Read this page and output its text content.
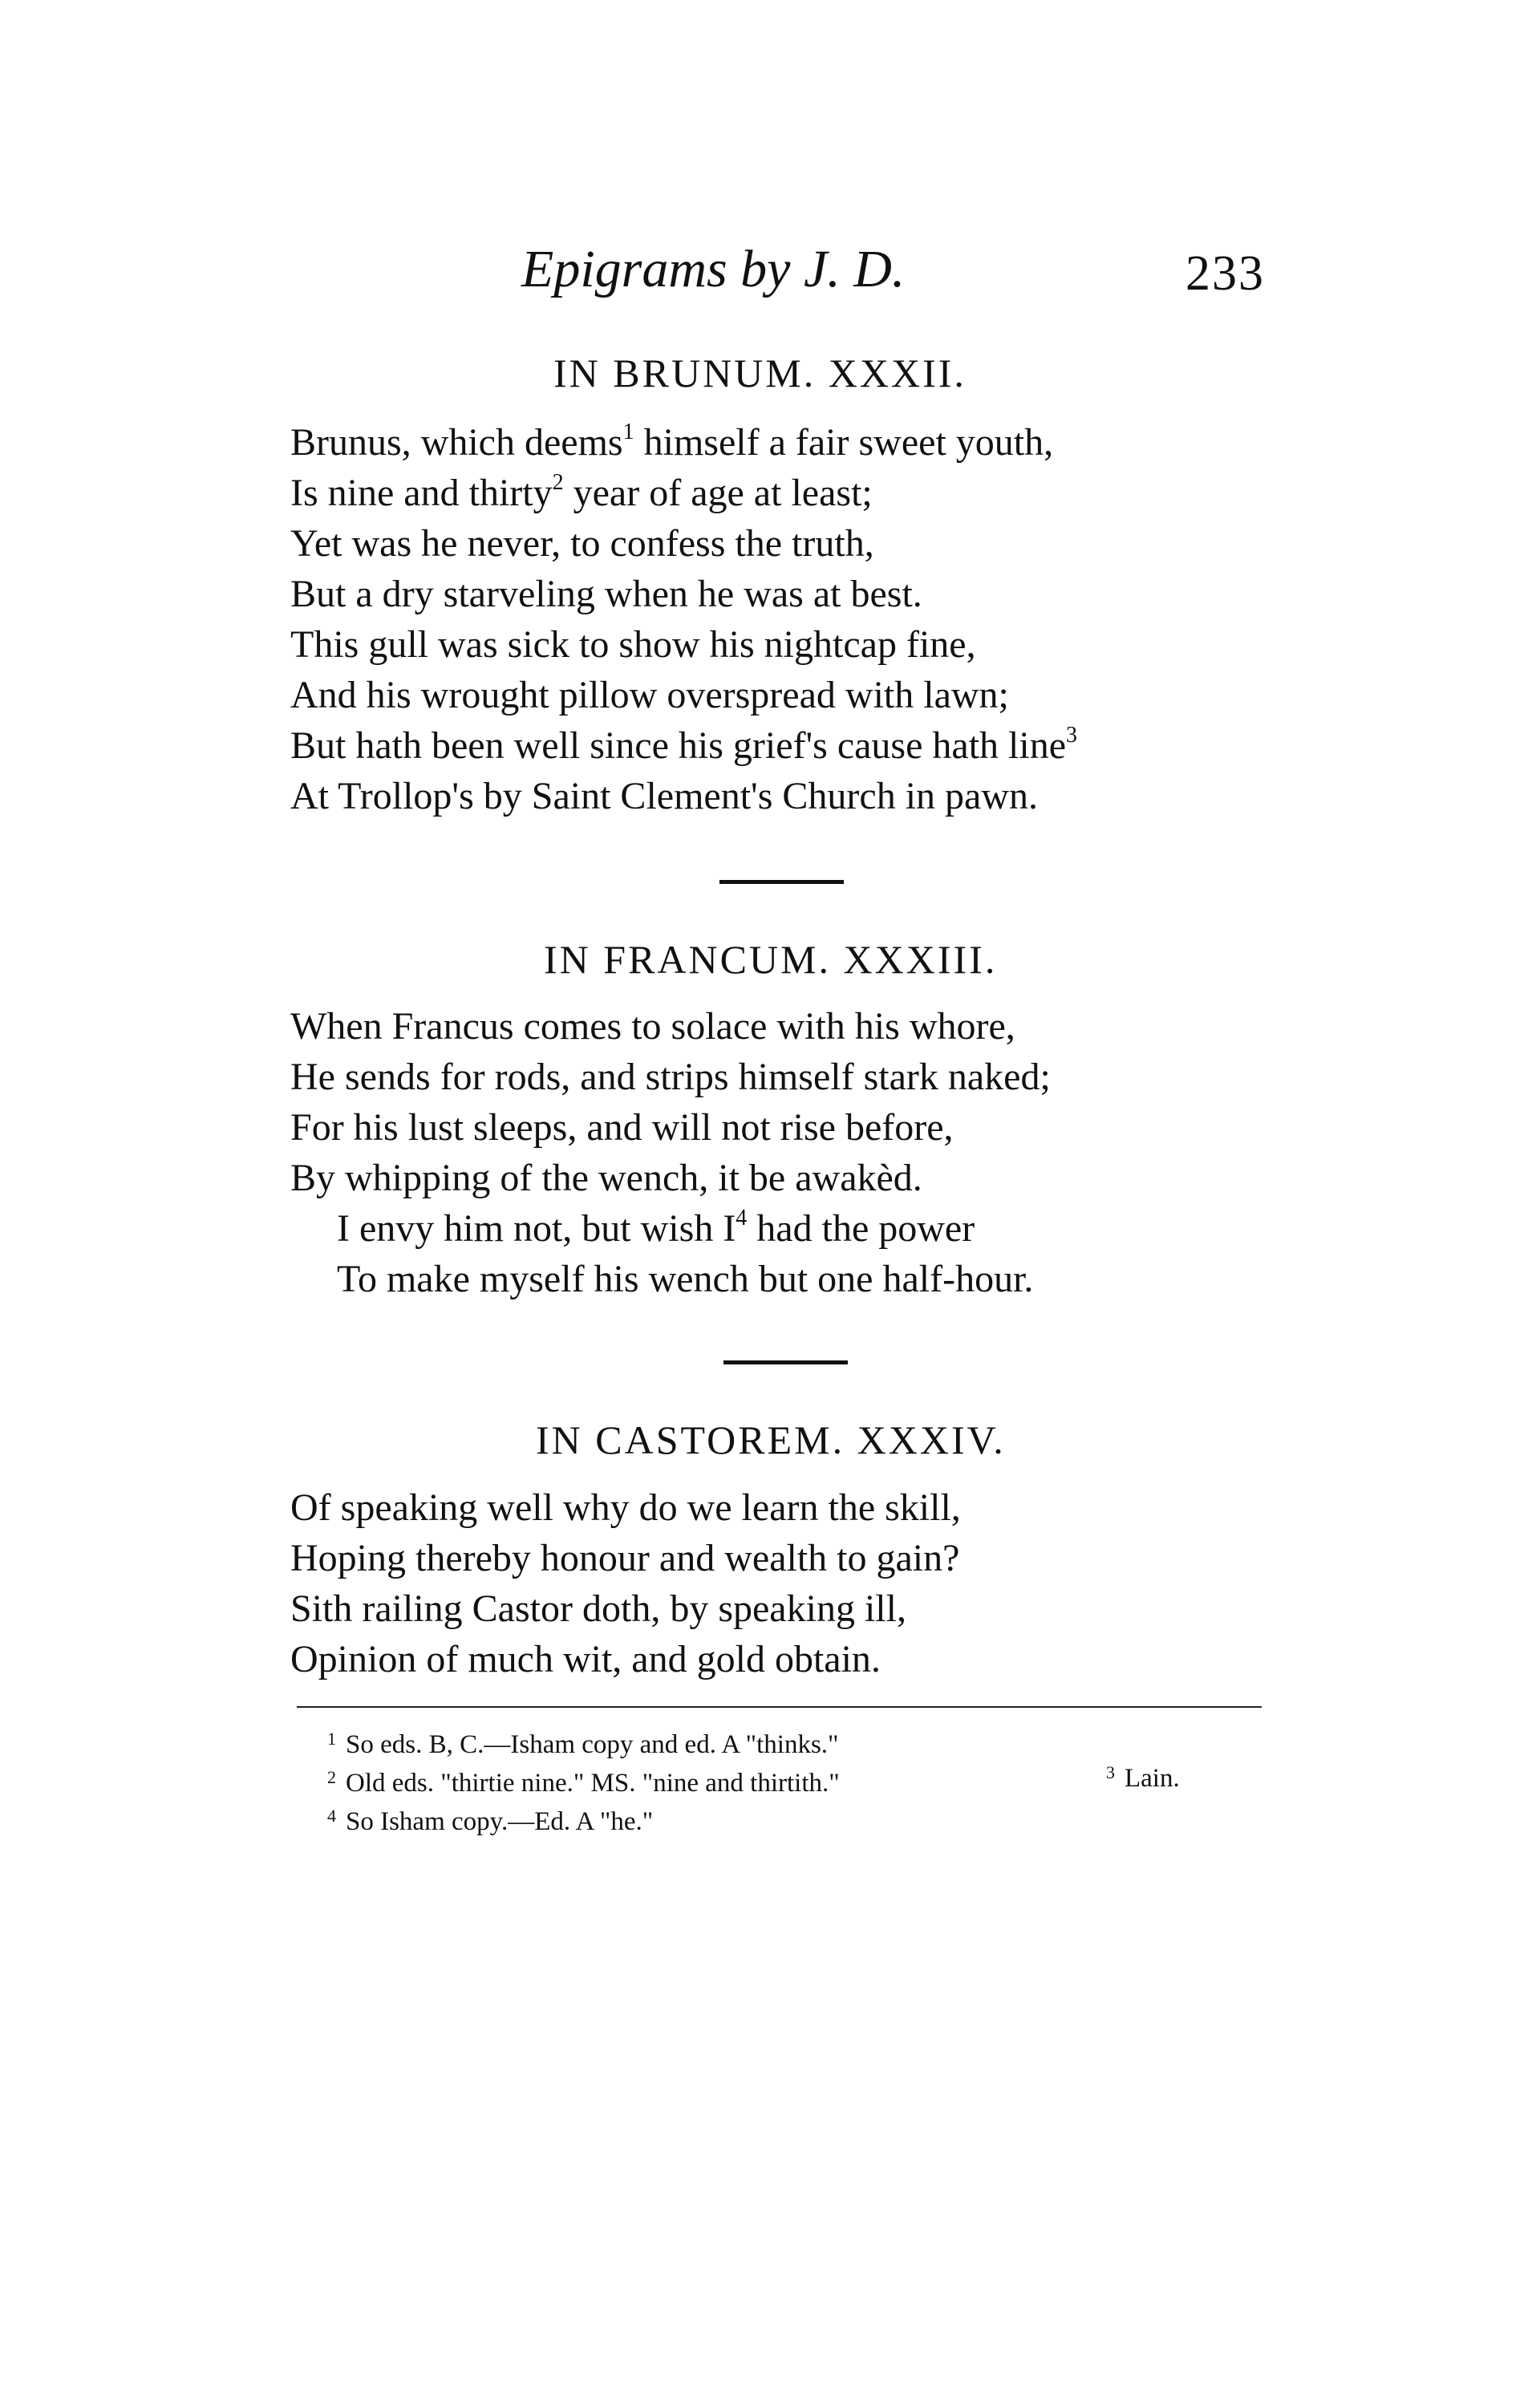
Epigrams by J. D.	233
IN BRUNUM. XXXII.
Brunus, which deems$^1$ himself a fair sweet youth,
Is nine and thirty$^2$ year of age at least;
Yet was he never, to confess the truth,
But a dry starveling when he was at best.
This gull was sick to show his nightcap fine,
And his wrought pillow overspread with lawn;
But hath been well since his grief's cause hath line$^3$
At Trollop's by Saint Clement's Church in pawn.
IN FRANCUM. XXXIII.
When Francus comes to solace with his whore,
He sends for rods, and strips himself stark naked;
For his lust sleeps, and will not rise before,
By whipping of the wench, it be awakèd.
I envy him not, but wish $I^4$ had the power
To make myself his wench but one half-hour.
IN CASTOREM. XXXIV.
Of speaking well why do we learn the skill,
Hoping thereby honour and wealth to gain?
Sith railing Castor doth, by speaking ill,
Opinion of much wit, and gold obtain.
$^1$ So eds. B, C.—Isham copy and ed. A "thinks."
$^2$ Old eds. "thirtie nine." MS. "nine and thirtith."
$^4$ So Isham copy.—Ed. A "he."
$^3$ Lain.
